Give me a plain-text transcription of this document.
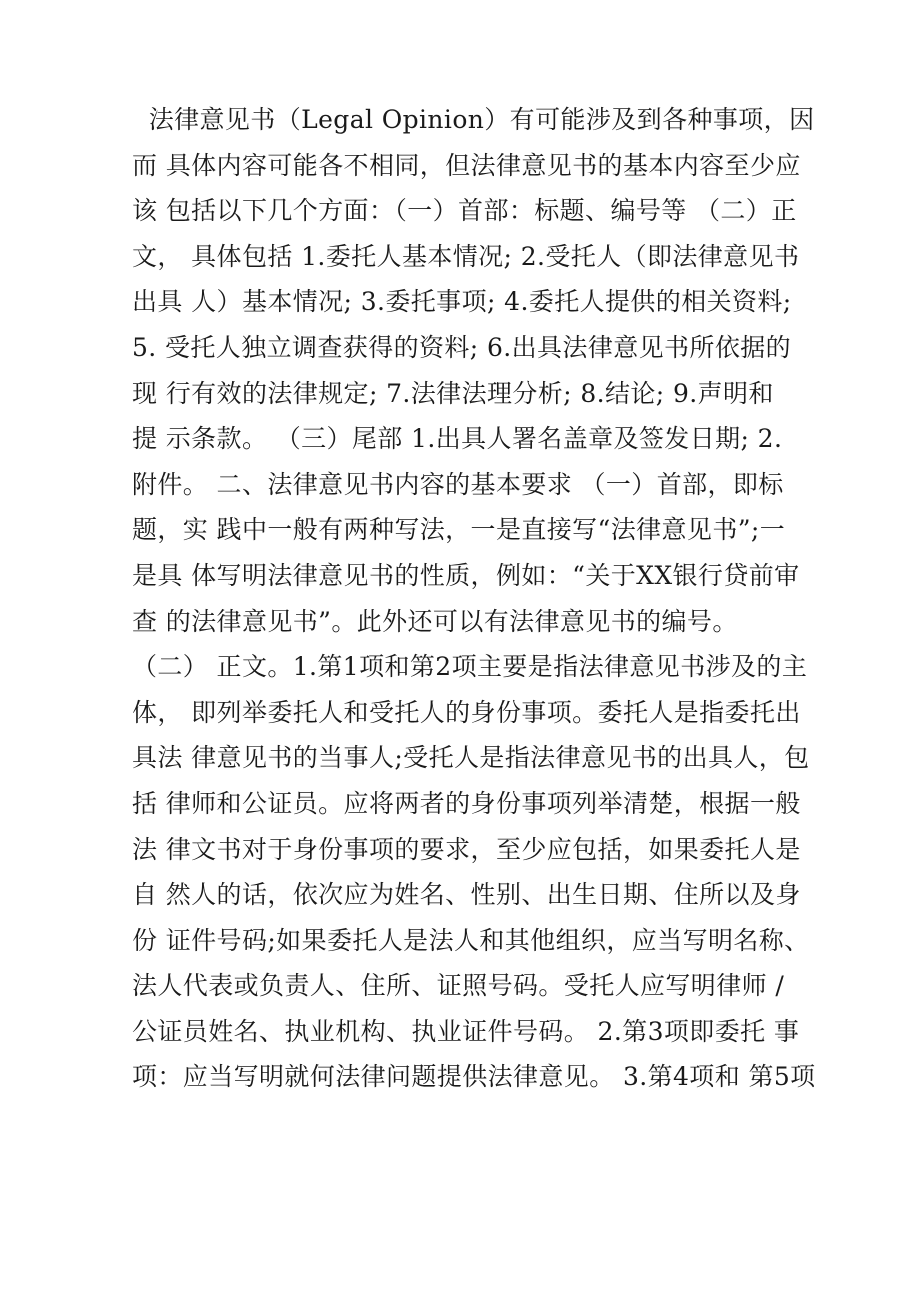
法律意见书（Legal Opinion）有可能涉及到各种事项，因
而 具体内容可能各不相同，但法律意见书的基本内容至少应
该 包括以下几个方面：（一）首部：标题、编号等 （二）正
文， 具体包括 1.委托人基本情况; 2.受托人（即法律意见书
出具 人）基本情况; 3.委托事项; 4.委托人提供的相关资料;
5. 受托人独立调查获得的资料; 6.出具法律意见书所依据的
现 行有效的法律规定; 7.法律法理分析; 8.结论; 9.声明和
提 示条款。 （三）尾部 1.出具人署名盖章及签发日期; 2.
附件。 二、法律意见书内容的基本要求 （一）首部，即标
题，实 践中一般有两种写法，一是直接写“法律意见书”;一
是具 体写明法律意见书的性质，例如：“关于XX银行贷前审
查 的法律意见书”。此外还可以有法律意见书的编号。
（二） 正文。1.第1项和第2项主要是指法律意见书涉及的主
体， 即列举委托人和受托人的身份事项。委托人是指委托出
具法 律意见书的当事人;受托人是指法律意见书的出具人，包
括 律师和公证员。应将两者的身份事项列举清楚，根据一般
法 律文书对于身份事项的要求，至少应包括，如果委托人是
自 然人的话，依次应为姓名、性别、出生日期、住所以及身
份 证件号码;如果委托人是法人和其他组织，应当写明名称、
法人代表或负责人、住所、证照号码。受托人应写明律师 /
公证员姓名、执业机构、执业证件号码。 2.第3项即委托 事
项：应当写明就何法律问题提供法律意见。 3.第4项和 第5项
